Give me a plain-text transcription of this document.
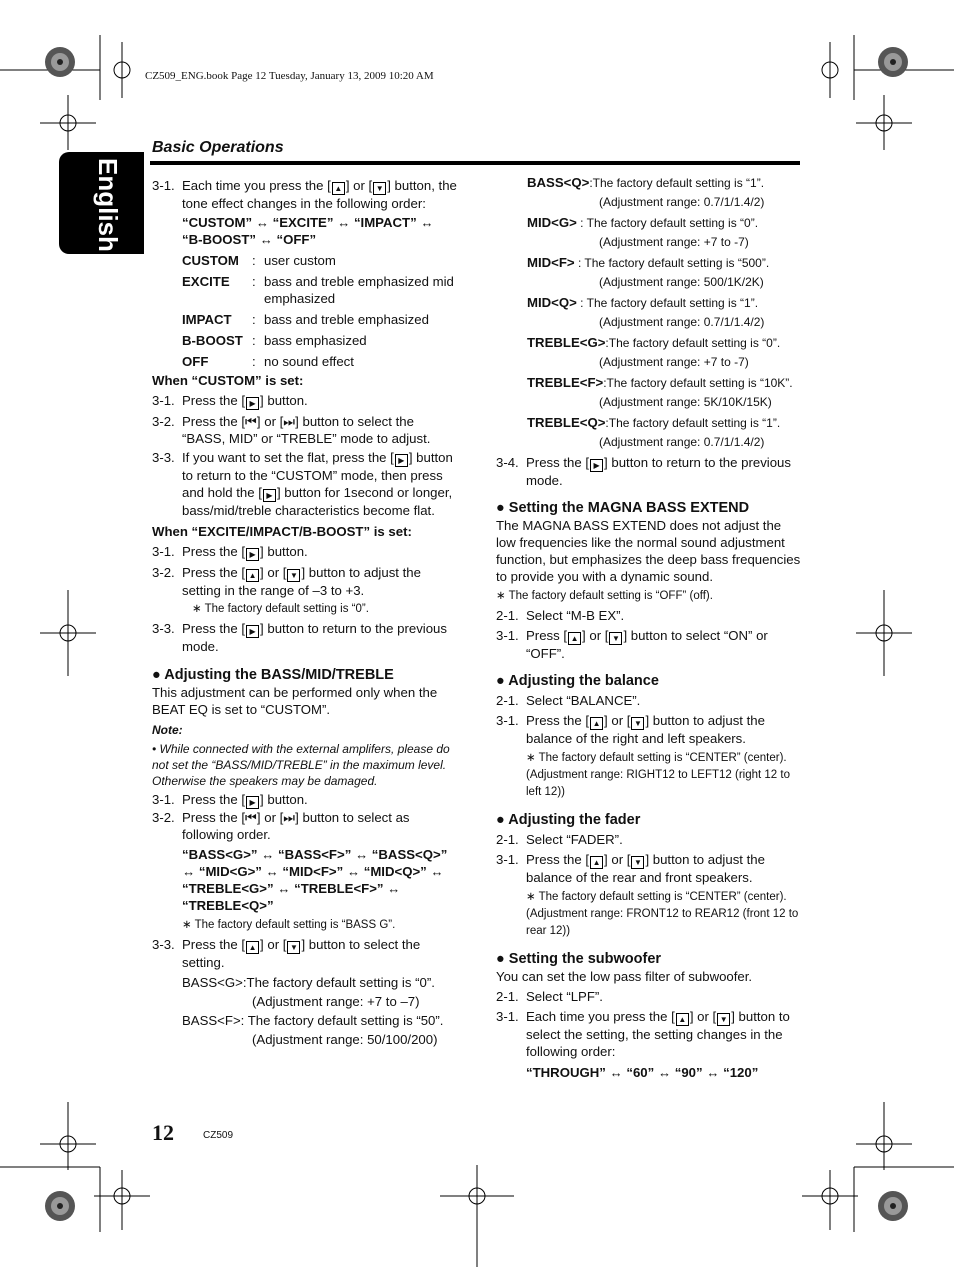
CZ509_ENG.book Page 12 Tuesday, January 13, 2009 10:20 AM
English
Basic Operations
3-1. Each time you press the [ ▲ ] or [ ▼ ] button, the tone effect changes in the following order:

“CUSTOM” ↔ “EXCITE” ↔ “IMPACT” ↔ “B-BOOST” ↔ “OFF”

CUSTOM : user custom
EXCITE	: bass and treble emphasized mid emphasized
IMPACT	: bass and treble emphasized
B-BOOST : bass emphasized
OFF	: no sound effect

When “CUSTOM” is set:

3-1. Press the [ ▶ ] button.
3-2. Press the [⏮] or [⏭] button to select the “BASS, MID” or “TREBLE” mode to adjust.
3-3. If you want to set the flat, press the [ ▶ ] button to return to the “CUSTOM” mode, then press and hold the [ ▶ ] button for 1second or longer, bass/mid/treble characteristics become flat.

When “EXCITE/IMPACT/B-BOOST” is set:

3-1. Press the [ ▶ ] button.
3-2. Press the [ ▲ ] or [ ▼ ] button to adjust the setting in the range of –3 to +3.

∗ The factory default setting is “0”.

3-3. Press the [ ▶ ] button to return to the previous mode.

● Adjusting the BASS/MID/TREBLE

This adjustment can be performed only when the BEAT EQ is set to “CUSTOM”.

Note:

• While connected with the external amplifers, please do not set the “BASS/MID/TREBLE” in the maximum level. Otherwise the speakers may be damaged.

3-1. Press the [ ▶ ] button.
3-2. Press the [⏮] or [⏭] button to select as following order.

“BASS<G>” ↔ “BASS<F>” ↔ “BASS<Q>” ↔ “MID<G>” ↔ “MID<F>” ↔ “MID<Q>” ↔ “TREBLE<G>” ↔ “TREBLE<F>” ↔ “TREBLE<Q>”

∗ The factory default setting is “BASS G”.

3-3. Press the [ ▲ ] or [ ▼ ] button to select the setting.

BASS<G>:The factory default setting is “0”.

(Adjustment range: +7 to –7)

BASS<F>: The factory default setting is “50”.

(Adjustment range: 50/100/200)

BASS<Q>:The factory default setting is “1”.
(Adjustment range: 0.7/1/1.4/2)
MID<G> : The factory default setting is “0”.
(Adjustment range: +7 to -7)
MID<F> : The factory default setting is “500”.
(Adjustment range: 500/1K/2K)
MID<Q> : The factory default setting is “1”.
(Adjustment range: 0.7/1/1.4/2)
TREBLE<G>:The factory default setting is “0”.
(Adjustment range: +7 to -7)
TREBLE<F>:The factory default setting is “10K”.
(Adjustment range: 5K/10K/15K)
TREBLE<Q>:The factory default setting is “1”.
(Adjustment range: 0.7/1/1.4/2)
3-4. Press the [ ▶ ] button to return to the previous mode.

● Setting the MAGNA BASS EXTEND

The MAGNA BASS EXTEND does not adjust the low frequencies like the normal sound adjustment function, but emphasizes the deep bass frequencies to provide you with a dynamic sound.

∗ The factory default setting is “OFF” (off).

2-1. Select “M-B EX”.
3-1. Press [ ▲ ] or [ ▼ ] button to select “ON” or “OFF”.

● Adjusting the balance

2-1. Select “BALANCE”.
3-1. Press the [ ▲ ] or [ ▼ ] button to adjust the balance of the right and left speakers.

∗ The factory default setting is “CENTER” (center). (Adjustment range: RIGHT12 to LEFT12 (right 12 to left 12))

● Adjusting the fader

2-1. Select “FADER”.
3-1. Press the [ ▲ ] or [ ▼ ] button to adjust the balance of the rear and front speakers.

∗ The factory default setting is “CENTER” (center). (Adjustment range: FRONT12 to REAR12 (front 12 to rear 12))

● Setting the subwoofer

You can set the low pass filter of subwoofer.

2-1. Select “LPF”.
3-1. Each time you press the [ ▲ ] or [ ▼ ] button to select the setting, the setting changes in the following order:

“THROUGH” ↔ “60” ↔ “90” ↔ “120”

12	CZ509
